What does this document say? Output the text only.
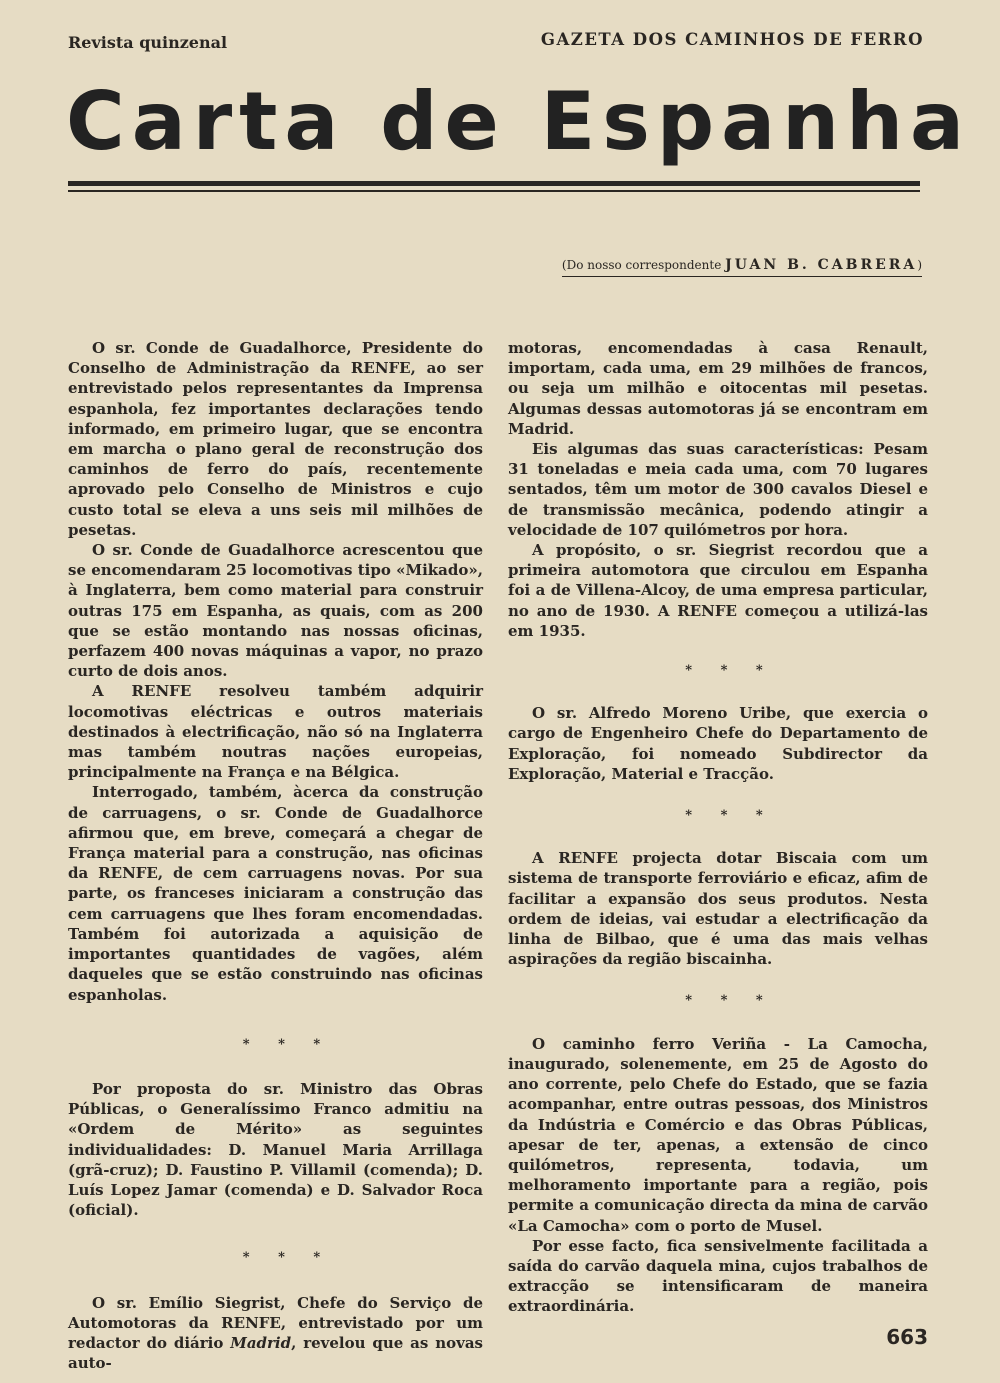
Revista quinzenal	GAZETA DOS CAMINHOS DE FERRO
Carta de Espanha
(Do nosso correspondente JUAN B. CABRERA)

O sr. Conde de Guadalhorce, Presidente do Conselho de Administração da RENFE, ao ser entrevistado pelos representantes da Imprensa espanhola, fez importantes declarações tendo informado, em primeiro lugar, que se encontra em marcha o plano geral de reconstrução dos caminhos de ferro do país, recentemente aprovado pelo Conselho de Ministros e cujo custo total se eleva a uns seis mil milhões de pesetas.

O sr. Conde de Guadalhorce acrescentou que se encomendaram 25 locomotivas tipo «Mikado», à Inglaterra, bem como material para construir outras 175 em Espanha, as quais, com as 200 que se estão montando nas nossas oficinas, perfazem 400 novas máquinas a vapor, no prazo curto de dois anos.

A RENFE resolveu também adquirir locomotivas eléctricas e outros materiais destinados à electrificação, não só na Inglaterra mas também noutras nações europeias, principalmente na França e na Bélgica.

Interrogado, também, àcerca da construção de carruagens, o sr. Conde de Guadalhorce afirmou que, em breve, começará a chegar de França material para a construção, nas oficinas da RENFE, de cem carruagens novas. Por sua parte, os franceses iniciaram a construção das cem carruagens que lhes foram encomendadas. Também foi autorizada a aquisição de importantes quantidades de vagões, além daqueles que se estão construindo nas oficinas espanholas.

* * *

Por proposta do sr. Ministro das Obras Públicas, o Generalíssimo Franco admitiu na «Ordem de Mérito» as seguintes individualidades: D. Manuel Maria Arrillaga (grã-cruz); D. Faustino P. Villamil (comenda); D. Luís Lopez Jamar (comenda) e D. Salvador Roca (oficial).

* * *

O sr. Emílio Siegrist, Chefe do Serviço de Automotoras da RENFE, entrevistado por um redactor do diário Madrid, revelou que as novas auto-

motoras, encomendadas à casa Renault, importam, cada uma, em 29 milhões de francos, ou seja um milhão e oitocentas mil pesetas. Algumas dessas automotoras já se encontram em Madrid.

Eis algumas das suas características: Pesam 31 toneladas e meia cada uma, com 70 lugares sentados, têm um motor de 300 cavalos Diesel e de transmissão mecânica, podendo atingir a velocidade de 107 quilómetros por hora.

A propósito, o sr. Siegrist recordou que a primeira automotora que circulou em Espanha foi a de Villena-Alcoy, de uma empresa particular, no ano de 1930. A RENFE começou a utilizá-las em 1935.

* * *

O sr. Alfredo Moreno Uribe, que exercia o cargo de Engenheiro Chefe do Departamento de Exploração, foi nomeado Subdirector da Exploração, Material e Tracção.

* * *

A RENFE projecta dotar Biscaia com um sistema de transporte ferroviário e eficaz, afim de facilitar a expansão dos seus produtos. Nesta ordem de ideias, vai estudar a electrificação da linha de Bilbao, que é uma das mais velhas aspirações da região biscainha.

* * *

O caminho ferro Veriña - La Camocha, inaugurado, solenemente, em 25 de Agosto do ano corrente, pelo Chefe do Estado, que se fazia acompanhar, entre outras pessoas, dos Ministros da Indústria e Comércio e das Obras Públicas, apesar de ter, apenas, a extensão de cinco quilómetros, representa, todavia, um melhoramento importante para a região, pois permite a comunicação directa da mina de carvão «La Camocha» com o porto de Musel.

Por esse facto, fica sensivelmente facilitada a saída do carvão daquela mina, cujos trabalhos de extracção se intensificaram de maneira extraordinária.

663
